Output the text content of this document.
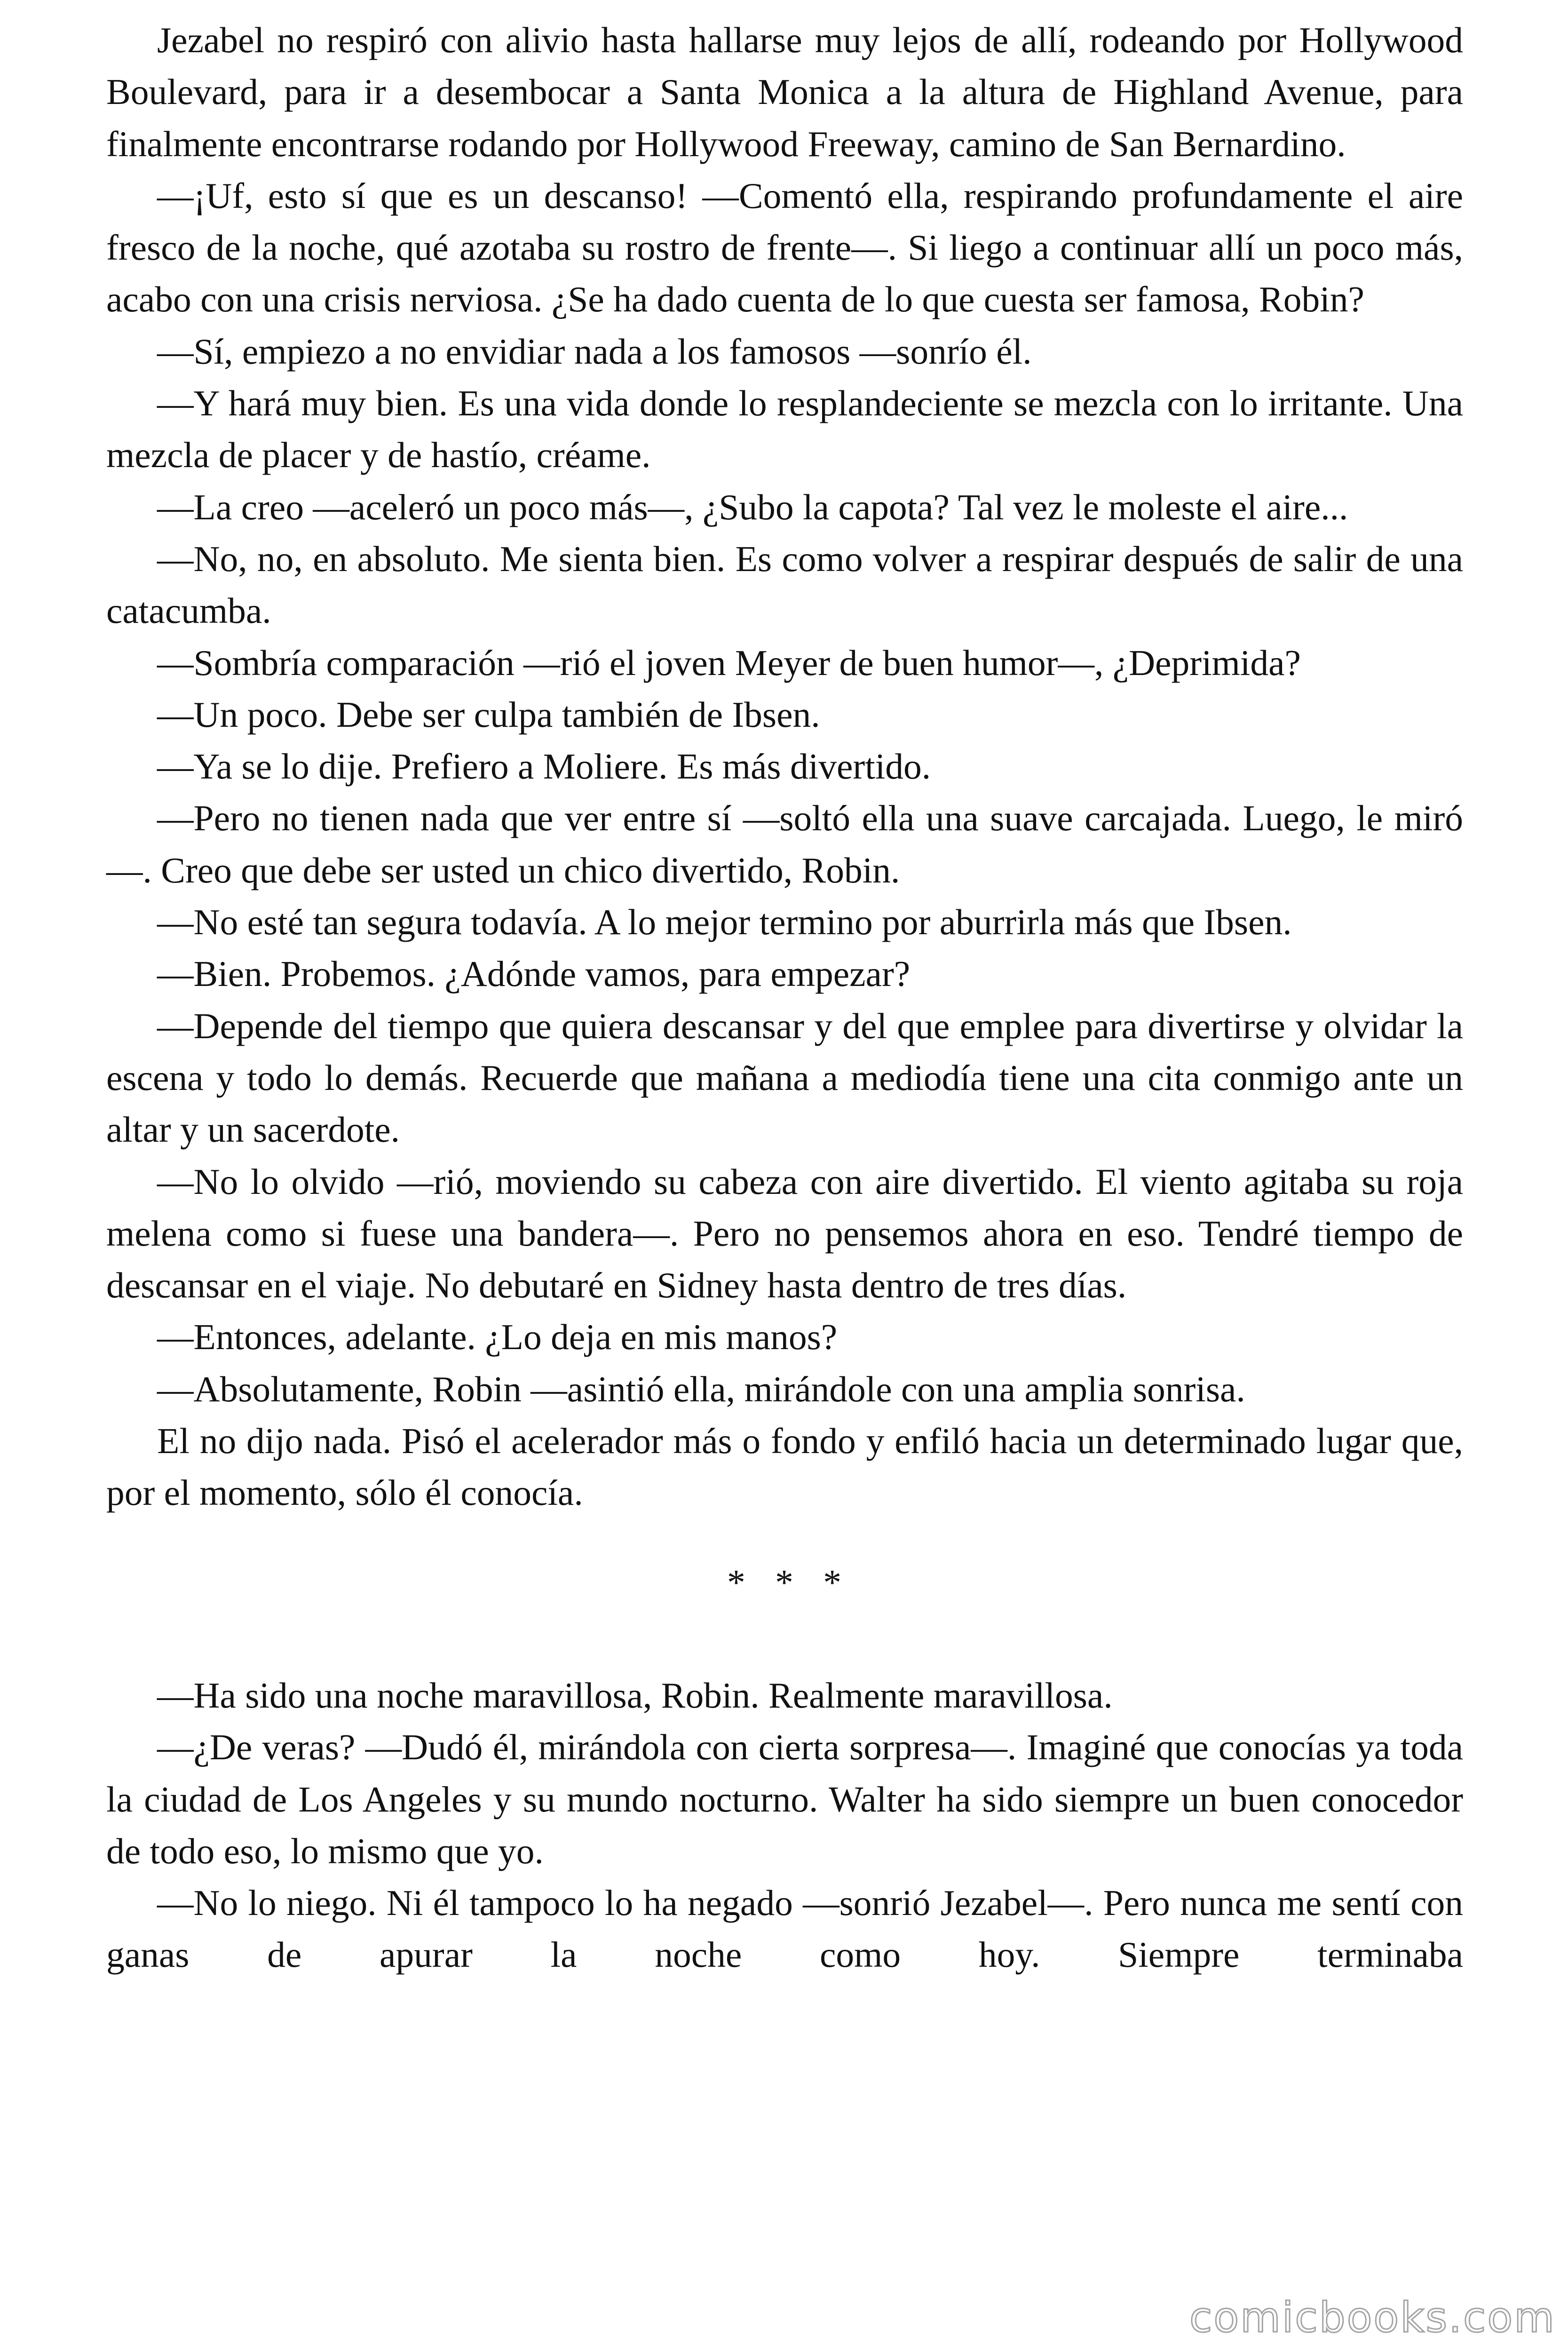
Jezabel no respiró con alivio hasta hallarse muy lejos de allí, rodeando por Hollywood Boulevard, para ir a desembocar a Santa Monica a la altura de Highland Avenue, para finalmente encontrarse rodando por Hollywood Freeway, camino de San Bernardino.

—¡Uf, esto sí que es un descanso! —Comentó ella, respirando profundamente el aire fresco de la noche, qué azotaba su rostro de frente—. Si liego a continuar allí un poco más, acabo con una crisis nerviosa. ¿Se ha dado cuenta de lo que cuesta ser famosa, Robin?

—Sí, empiezo a no envidiar nada a los famosos —sonrío él.

—Y hará muy bien. Es una vida donde lo resplandeciente se mezcla con lo irritante. Una mezcla de placer y de hastío, créame.

—La creo —aceleró un poco más—, ¿Subo la capota? Tal vez le moleste el aire...

—No, no, en absoluto. Me sienta bien. Es como volver a respirar después de salir de una catacumba.

—Sombría comparación —rió el joven Meyer de buen humor—, ¿Deprimida?

—Un poco. Debe ser culpa también de Ibsen.

—Ya se lo dije. Prefiero a Moliere. Es más divertido.

—Pero no tienen nada que ver entre sí —soltó ella una suave carcajada. Luego, le miró—. Creo que debe ser usted un chico divertido, Robin.

—No esté tan segura todavía. A lo mejor termino por aburrirla más que Ibsen.

—Bien. Probemos. ¿Adónde vamos, para empezar?

—Depende del tiempo que quiera descansar y del que emplee para divertirse y olvidar la escena y todo lo demás. Recuerde que mañana a mediodía tiene una cita conmigo ante un altar y un sacerdote.

—No lo olvido —rió, moviendo su cabeza con aire divertido. El viento agitaba su roja melena como si fuese una bandera—. Pero no pensemos ahora en eso. Tendré tiempo de descansar en el viaje. No debutaré en Sidney hasta dentro de tres días.

—Entonces, adelante. ¿Lo deja en mis manos?

—Absolutamente, Robin —asintió ella, mirándole con una amplia sonrisa.

El no dijo nada. Pisó el acelerador más o fondo y enfiló hacia un determinado lugar que, por el momento, sólo él conocía.

* * *

—Ha sido una noche maravillosa, Robin. Realmente maravillosa.

—¿De veras? —Dudó él, mirándola con cierta sorpresa—. Imaginé que conocías ya toda la ciudad de Los Angeles y su mundo nocturno. Walter ha sido siempre un buen conocedor de todo eso, lo mismo que yo.

—No lo niego. Ni él tampoco lo ha negado —sonrió Jezabel—. Pero nunca me sentí con ganas de apurar la noche como hoy. Siempre terminaba

comicbooks.com
